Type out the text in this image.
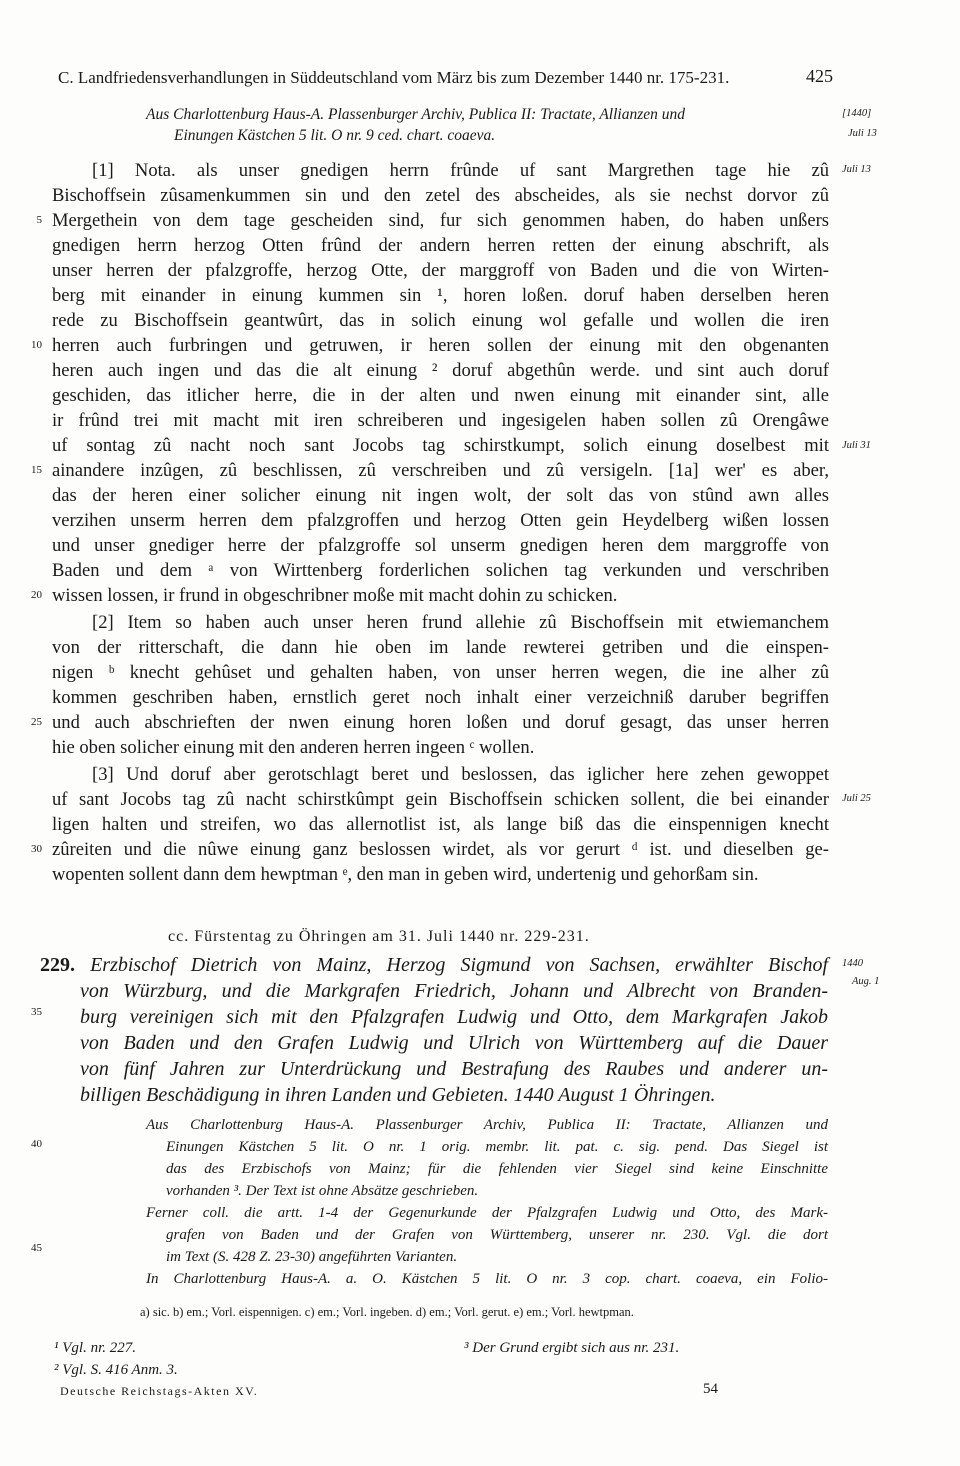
C. Landfriedensverhandlungen in Süddeutschland vom März bis zum Dezember 1440 nr. 175-231.	425
Aus Charlottenburg Haus-A. Plassenburger Archiv, Publica II: Tractate, Allianzen und
Einungen Kästchen 5 lit. O nr. 9 ced. chart. coaeva.
[1440]
Juli 13
[1] Nota. als unser gnedigen herrn frûnde uf sant Margrethen tage hie zû
Bischoffsein zûsamenkummen sin und den zetel des abscheides, als sie nechst dorvor zû
Mergethein von dem tage gescheiden sind, fur sich genommen haben, do haben unßers
gnedigen herrn herzog Otten frûnd der andern herren retten der einung abschrift, als
unser herren der pfalzgroffe, herzog Otte, der marggroff von Baden und die von Wirten-
berg mit einander in einung kummen sin ¹, horen loßen. doruf haben derselben heren
rede zu Bischoffsein geantwûrt, das in solich einung wol gefalle und wollen die iren
herren auch furbringen und getruwen, ir heren sollen der einung mit den obgenanten
heren auch ingen und das die alt einung ² doruf abgethûn werde. und sint auch doruf
geschiden, das itlicher herre, die in der alten und nwen einung mit einander sint, alle
ir frûnd trei mit macht mit iren schreiberen und ingesigelen haben sollen zû Orengâwe
uf sontag zû nacht noch sant Jocobs tag schirstkumpt, solich einung doselbest mit
ainandere inzûgen, zû beschlissen, zû verschreiben und zû versigeln. [1a] wer' es aber,
das der heren einer solicher einung nit ingen wolt, der solt das von stûnd awn alles
verzihen unserm herren dem pfalzgroffen und herzog Otten gein Heydelberg wißen lossen
und unser gnediger herre der pfalzgroffe sol unserm gnedigen heren dem marggroffe von
Baden und dem ᵃ von Wirttenberg forderlichen solichen tag verkunden und verschriben
wissen lossen, ir frund in obgeschribner moße mit macht dohin zu schicken.
[2] Item so haben auch unser heren frund allehie zû Bischoffsein mit etwiemanchem
von der ritterschaft, die dann hie oben im lande rewterei getriben und die einspen-
nigen ᵇ knecht gehûset und gehalten haben, von unser herren wegen, die ine alher zû
kommen geschriben haben, ernstlich geret noch inhalt einer verzeichniß daruber begriffen
und auch abschrieften der nwen einung horen loßen und doruf gesagt, das unser herren
hie oben solicher einung mit den anderen herren ingeen ᶜ wollen.
[3] Und doruf aber gerotschlagt beret und beslossen, das iglicher here zehen gewoppet
uf sant Jocobs tag zû nacht schirstkûmpt gein Bischoffsein schicken sollent, die bei einander
ligen halten und streifen, wo das allernotlist ist, als lange biß das die einspennigen knecht
zûreiten und die nûwe einung ganz beslossen wirdet, als vor gerurt ᵈ ist. und dieselben ge-
wopenten sollent dann dem hewptman ᵉ, den man in geben wird, undertenig und gehorßam sin.
5
10
15
20
25
30
35
40
45
Juli 13
Juli 31
Juli 25
cc. Fürstentag zu Öhringen am 31. Juli 1440 nr. 229-231.
229. Erzbischof Dietrich von Mainz, Herzog Sigmund von Sachsen, erwählter Bischof
von Würzburg, und die Markgrafen Friedrich, Johann und Albrecht von Branden-
burg vereinigen sich mit den Pfalzgrafen Ludwig und Otto, dem Markgrafen Jakob
von Baden und den Grafen Ludwig und Ulrich von Württemberg auf die Dauer
von fünf Jahren zur Unterdrückung und Bestrafung des Raubes und anderer un-
billigen Beschädigung in ihren Landen und Gebieten. 1440 August 1 Öhringen.
1440
Aug. 1
Aus Charlottenburg Haus-A. Plassenburger Archiv, Publica II: Tractate, Allianzen und
Einungen Kästchen 5 lit. O nr. 1 orig. membr. lit. pat. c. sig. pend. Das Siegel ist
das des Erzbischofs von Mainz; für die fehlenden vier Siegel sind keine Einschnitte
vorhanden ³. Der Text ist ohne Absätze geschrieben.
Ferner coll. die artt. 1-4 der Gegenurkunde der Pfalzgrafen Ludwig und Otto, des Mark-
grafen von Baden und der Grafen von Württemberg, unserer nr. 230. Vgl. die dort
im Text (S. 428 Z. 23-30) angeführten Varianten.
In Charlottenburg Haus-A. a. O. Kästchen 5 lit. O nr. 3 cop. chart. coaeva, ein Folio-
a) sic. b) em.; Vorl. eispennigen. c) em.; Vorl. ingeben. d) em.; Vorl. gerut. e) em.; Vorl. hewtpman.
¹ Vgl. nr. 227.
² Vgl. S. 416 Anm. 3.
³ Der Grund ergibt sich aus nr. 231.
Deutsche Reichstags-Akten XV.	54
